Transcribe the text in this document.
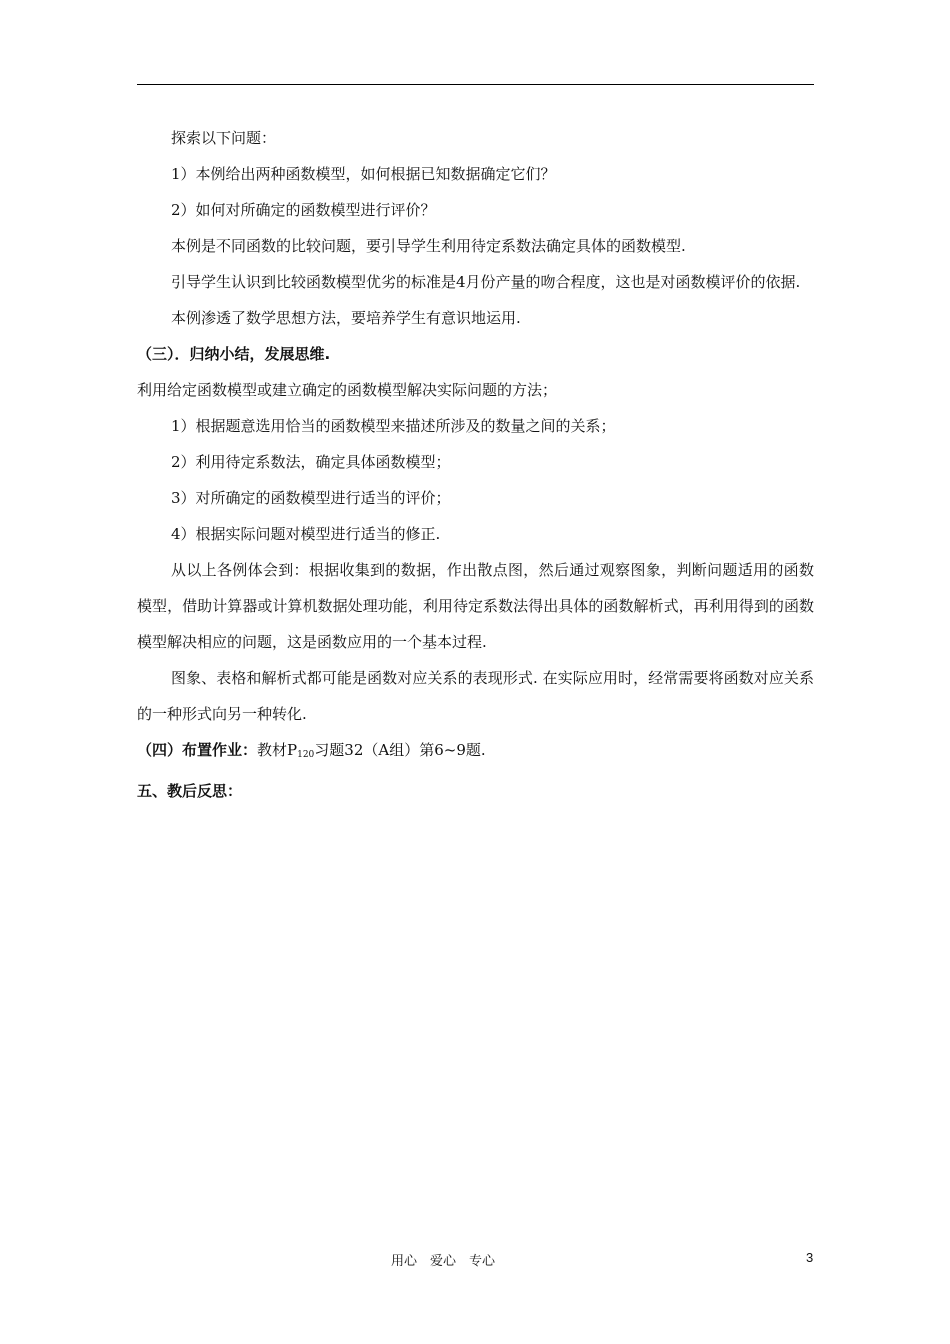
探索以下问题：

1）本例给出两种函数模型，如何根据已知数据确定它们？

2）如何对所确定的函数模型进行评价？

本例是不同函数的比较问题，要引导学生利用待定系数法确定具体的函数模型.

引导学生认识到比较函数模型优劣的标准是4月份产量的吻合程度，这也是对函数模评价的依据.

本例渗透了数学思想方法，要培养学生有意识地运用.

（三）．归纳小结，发展思维.

利用给定函数模型或建立确定的函数模型解决实际问题的方法；

1）根据题意选用恰当的函数模型来描述所涉及的数量之间的关系；

2）利用待定系数法，确定具体函数模型；

3）对所确定的函数模型进行适当的评价；

4）根据实际问题对模型进行适当的修正.

从以上各例体会到：根据收集到的数据，作出散点图，然后通过观察图象，判断问题适用的函数模型，借助计算器或计算机数据处理功能，利用待定系数法得出具体的函数解析式，再利用得到的函数模型解决相应的问题，这是函数应用的一个基本过程.

图象、表格和解析式都可能是函数对应关系的表现形式. 在实际应用时，经常需要将函数对应关系的一种形式向另一种转化.

（四）布置作业：教材$P_{120}$习题32（A组）第6~9题.

五、教后反思：

用心　爱心　专心	3
